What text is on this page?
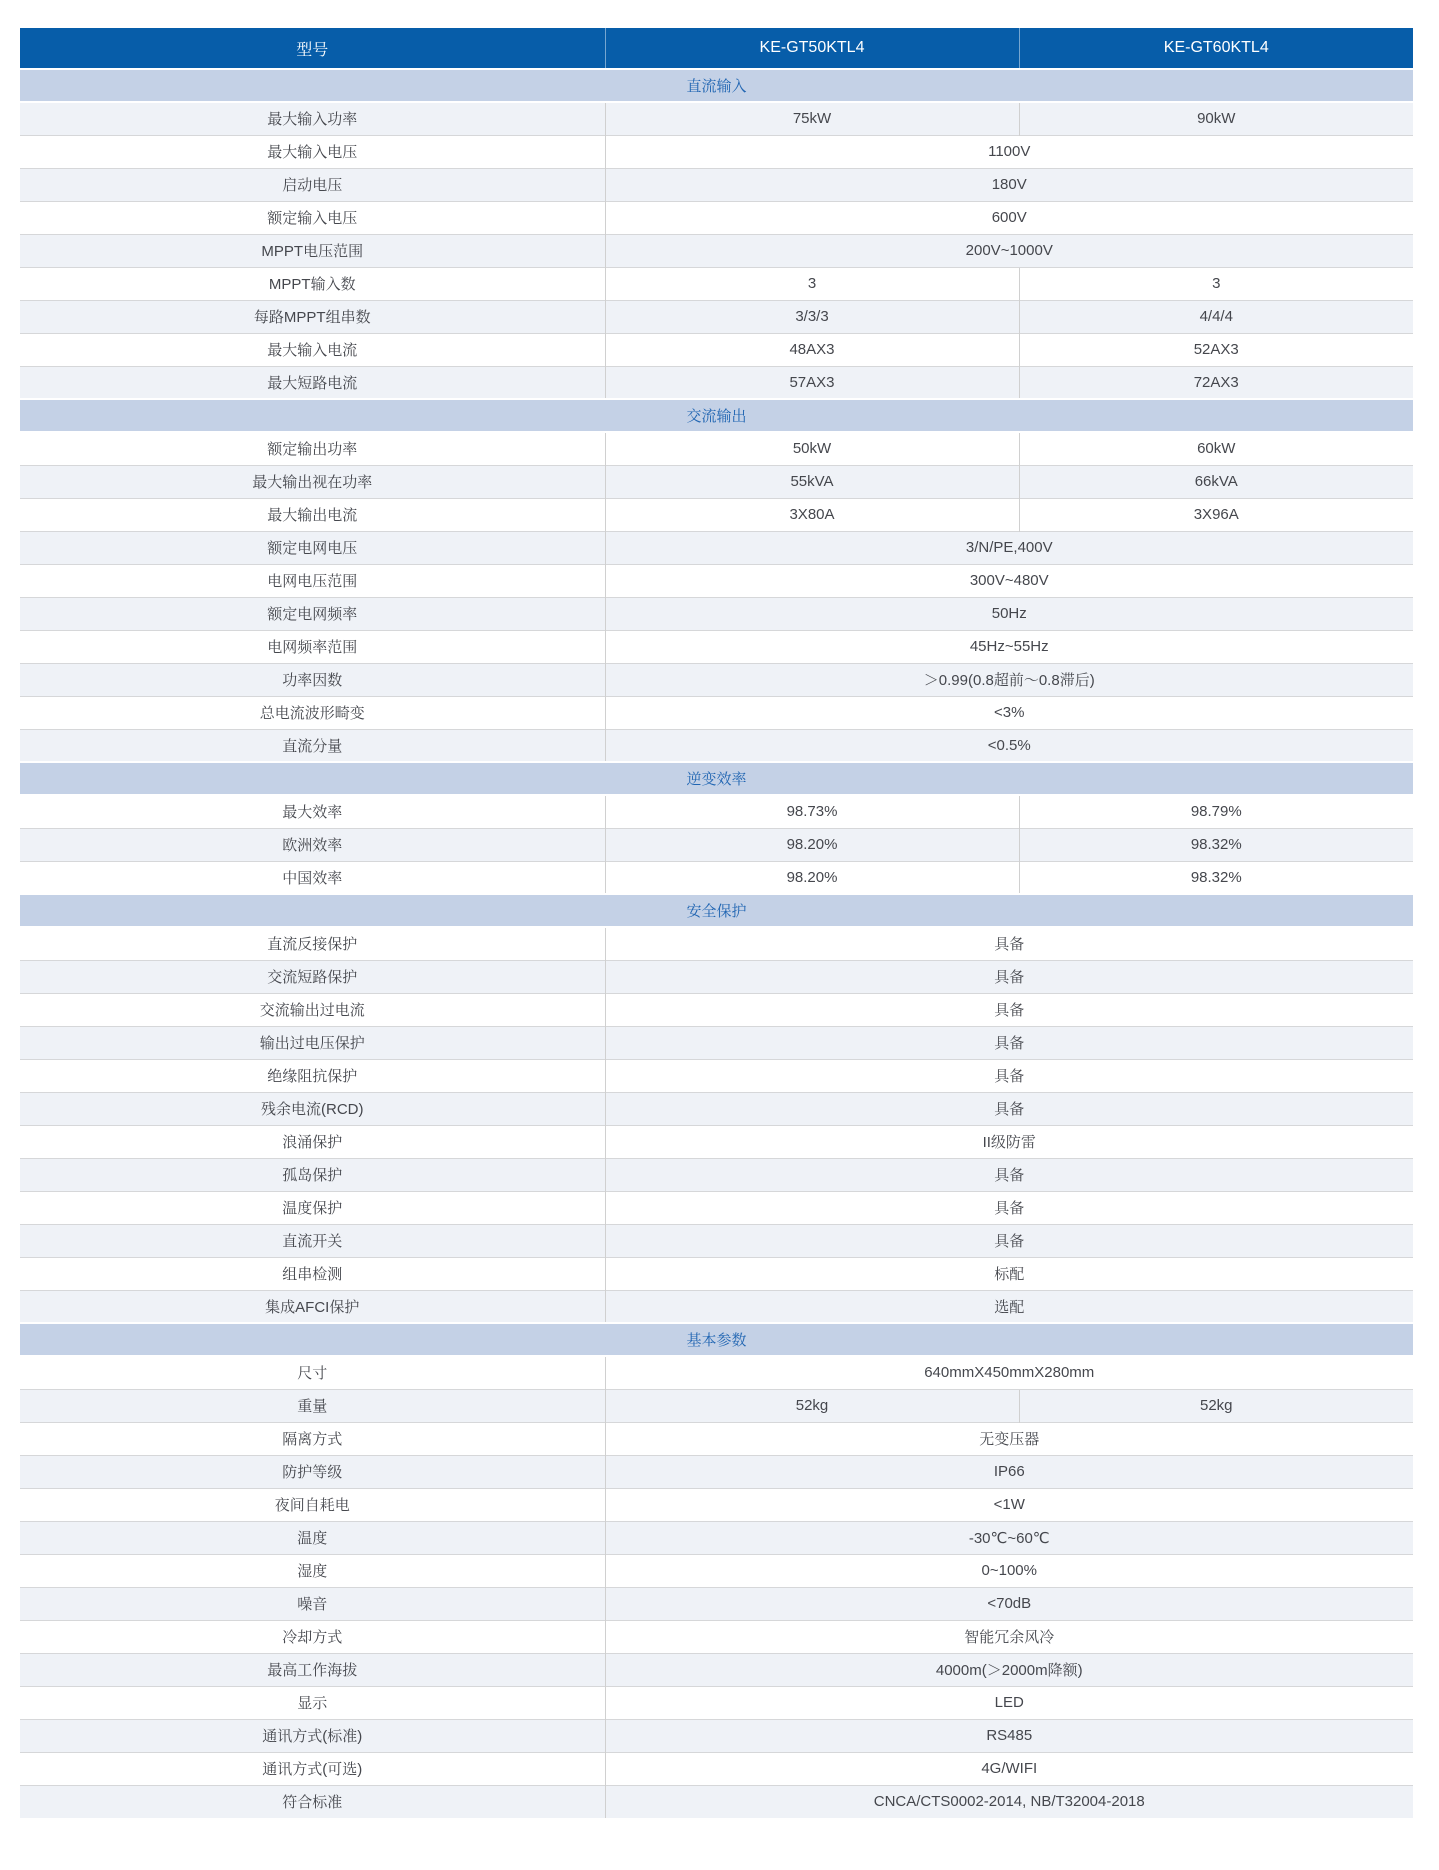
型号	KE-GT50KTL4	KE-GT60KTL4
直流输入		
最大输入功率	75kW	90kW
最大输入电压	1100V	
启动电压	180V	
额定输入电压	600V	
MPPT电压范围	200V~1000V	
MPPT输入数	3	3
每路MPPT组串数	3/3/3	4/4/4
最大输入电流	48AX3	52AX3
最大短路电流	57AX3	72AX3
交流输出		
额定输出功率	50kW	60kW
最大输出视在功率	55kVA	66kVA
最大输出电流	3X80A	3X96A
额定电网电压	3/N/PE,400V	
电网电压范围	300V~480V	
额定电网频率	50Hz	
电网频率范围	45Hz~55Hz	
功率因数	＞0.99(0.8超前～0.8滞后)	
总电流波形畸变	<3%	
直流分量	<0.5%	
逆变效率		
最大效率	98.73%	98.79%
欧洲效率	98.20%	98.32%
中国效率	98.20%	98.32%
安全保护		
直流反接保护	具备	
交流短路保护	具备	
交流输出过电流	具备	
输出过电压保护	具备	
绝缘阻抗保护	具备	
残余电流(RCD)	具备	
浪涌保护	II级防雷	
孤岛保护	具备	
温度保护	具备	
直流开关	具备	
组串检测	标配	
集成AFCI保护	选配	
基本参数		
尺寸	640mmX450mmX280mm	
重量	52kg	52kg
隔离方式	无变压器	
防护等级	IP66	
夜间自耗电	<1W	
温度	-30℃~60℃	
湿度	0~100%	
噪音	<70dB	
冷却方式	智能冗余风冷	
最高工作海拔	4000m(＞2000m降额)	
显示	LED	
通讯方式(标准)	RS485	
通讯方式(可选)	4G/WIFI	
符合标准	CNCA/CTS0002-2014, NB/T32004-2018	
